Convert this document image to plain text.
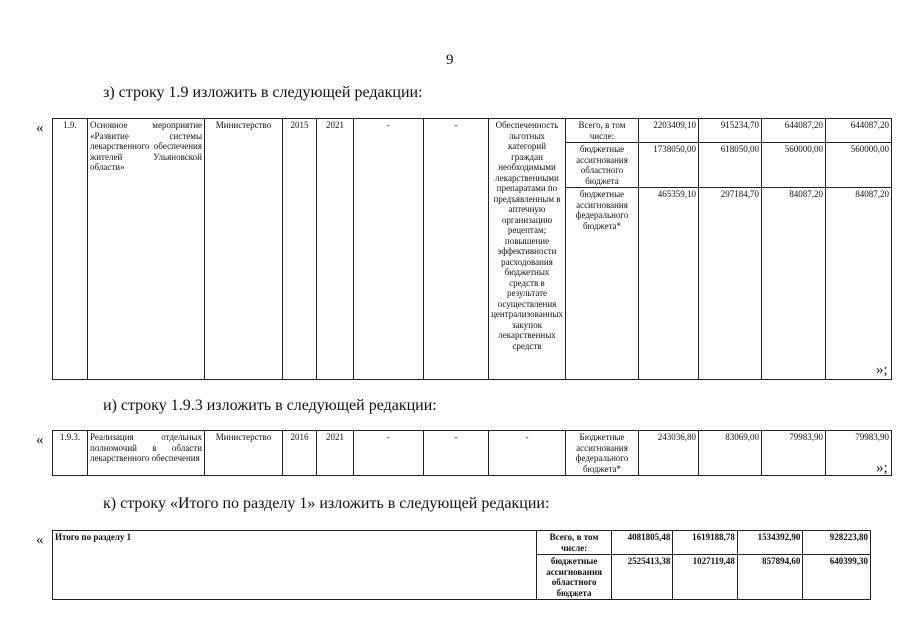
9
з) строку 1.9 изложить в следующей редакции:
« 1.9.	Основное мероприятие «Развитие системы лекарственного обеспечения жителей Ульяновской области»	Министерство	2015	2021	-	-	Обеспеченность льготных категорий граждан необходимыми лекарственными препаратами по предъявленным в аптечную организацию рецептам; повышение эффективности расходования бюджетных средств в результате осуществления централизованных закупок лекарственных средств	Всего, в том числе:	2203409,10	915234,70	644087,20	644087,20
								бюджетные ассигнования областного бюджета	1738050,00	618050,00	560000,00	560000,00
								бюджетные ассигнования федерального бюджета*	465359,10	297184,70	84087,20	84087,20
»;
и) строку 1.9.3 изложить в следующей редакции:
« 1.9.3.	Реализация отдельных полномочий в области лекарственного обеспечения	Министерство	2016	2021	-	-	-	Бюджетные ассигнования федерального бюджета*	243036,80	83069,00	79983,90	79983,90
»;
к) строку «Итого по разделу 1» изложить в следующей редакции:
« Итого по разделу 1	Всего, в том числе:	4081805,48	1619188,78	1534392,90	928223,80
	бюджетные ассигнования областного бюджета	2525413,38	1027119,48	857894,60	640399,30
